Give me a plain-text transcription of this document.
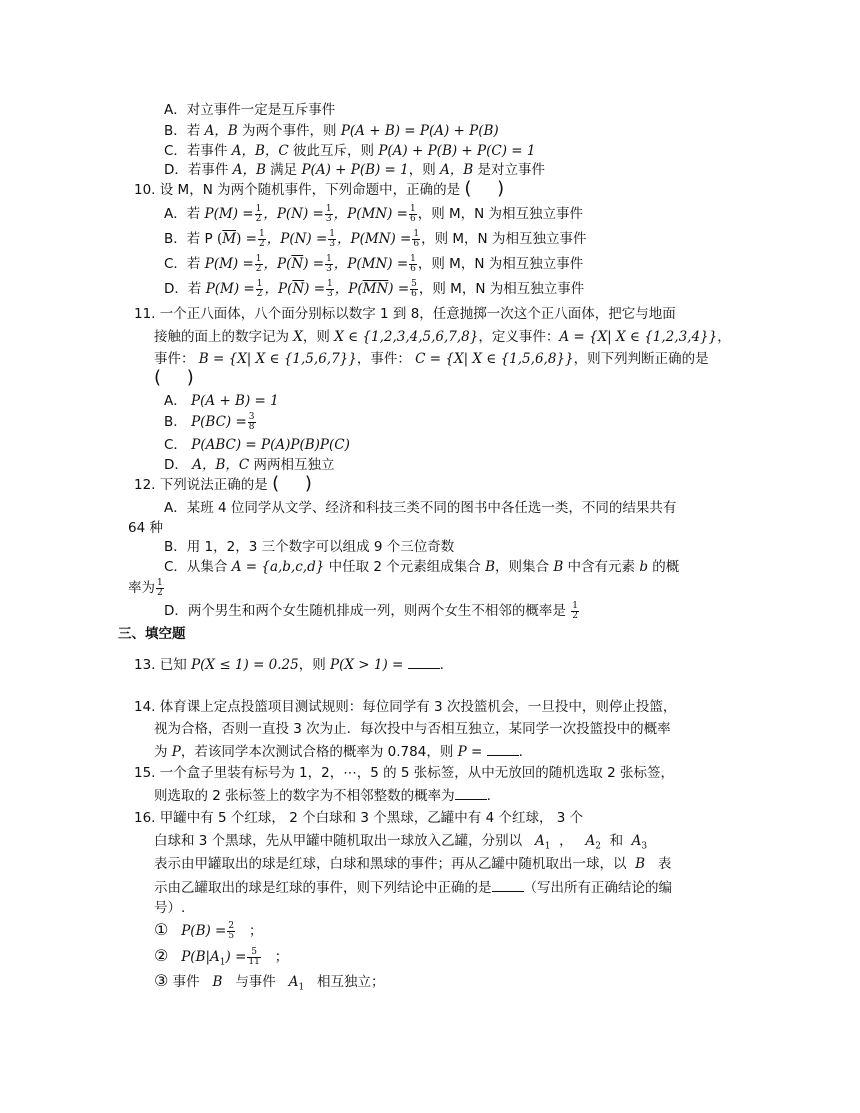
A．对立事件一定是互斥事件
B．若 A，B 为两个事件，则 P(A + B) = P(A) + P(B)
C．若事件 A，B，C 彼此互斥，则 P(A) + P(B) + P(C) = 1
D．若事件 A，B 满足 P(A) + P(B) = 1，则 A，B 是对立事件
10. 设 M，N 为两个随机事件，下列命题中，正确的是 ( )
A．若 $P(M) = \frac{1}{2}$ ，$P(N) = \frac{1}{3}$ ，$P(MN) = \frac{1}{6}$ ，则 M，N 为相互独立事件
B．若 P $(\overline{M}) = \frac{1}{2}$ ，$P(N) = \frac{1}{3}$ ，$P(MN) = \frac{1}{6}$ ，则 M，N 为相互独立事件
C．若 $P(M) = \frac{1}{2}$ ，$P(\overline{N}) = \frac{1}{3}$ ，$P(MN) = \frac{1}{6}$ ，则 M，N 为相互独立事件
D．若 $P(M) = \frac{1}{2}$ ，$P(\overline{N}) = \frac{1}{3}$ ，$P(\overline{MN}) = \frac{5}{6}$ ，则 M，N 为相互独立事件
11. 一个正八面体，八个面分别标以数字 1 到 8，任意抛掷一次这个正八面体，把它与地面
接触的面上的数字记为 X，则 X ∈ {1,2,3,4,5,6,7,8}，定义事件：A = {X| X ∈ {1,2,3,4}}，
事件： B = {X| X ∈ {1,5,6,7}}，事件： C = {X| X ∈ {1,5,6,8}}，则下列判断正确的是
( )
A． P(A + B) = 1
B． $P(BC) = \frac{3}{8}$
C． P(ABC) = P(A)P(B)P(C)
D． A，B，C 两两相互独立
12. 下列说法正确的是 ( )
A．某班 4 位同学从文学、经济和科技三类不同的图书中各任选一类，不同的结果共有
64 种
B．用 1，2，3 三个数字可以组成 9 个三位奇数
C．从集合 A = {a,b,c,d} 中任取 2 个元素组成集合 B，则集合 B 中含有元素 b 的概
率为 $\frac{1}{2}$
D．两个男生和两个女生随机排成一列，则两个女生不相邻的概率是 $\frac{1}{2}$
三、填空题
13. 已知 P(X ≤ 1) = 0.25，则 P(X > 1) =	.
14. 体育课上定点投篮项目测试规则：每位同学有 3 次投篮机会，一旦投中，则停止投篮，
视为合格，否则一直投 3 次为止．每次投中与否相互独立，某同学一次投篮投中的概率
为 P，若该同学本次测试合格的概率为 0.784，则 P =	.
15. 一个盒子里装有标号为 1，2，⋯，5 的 5 张标签，从中无放回的随机选取 2 张标签，
则选取的 2 张标签上的数字为不相邻整数的概率为 .
16. 甲罐中有 5 个红球， 2 个白球和 3 个黑球，乙罐中有 4 个红球， 3 个
白球和 3 个黑球，先从甲罐中随机取出一球放入乙罐，分别以 $A_1$  ，   $A_2$ 和 $A_3$
表示由甲罐取出的球是红球，白球和黑球的事件；再从乙罐中随机取出一球，以 B 表
示由乙罐取出的球是红球的事件，则下列结论中正确的是 （写出所有正确结论的编
号）.
① $P(B) = \frac{2}{5}$ ；
② $P(B|A_1) = \frac{5}{11}$ ；
③ 事件 B 与事件 $A_1$ 相互独立；
